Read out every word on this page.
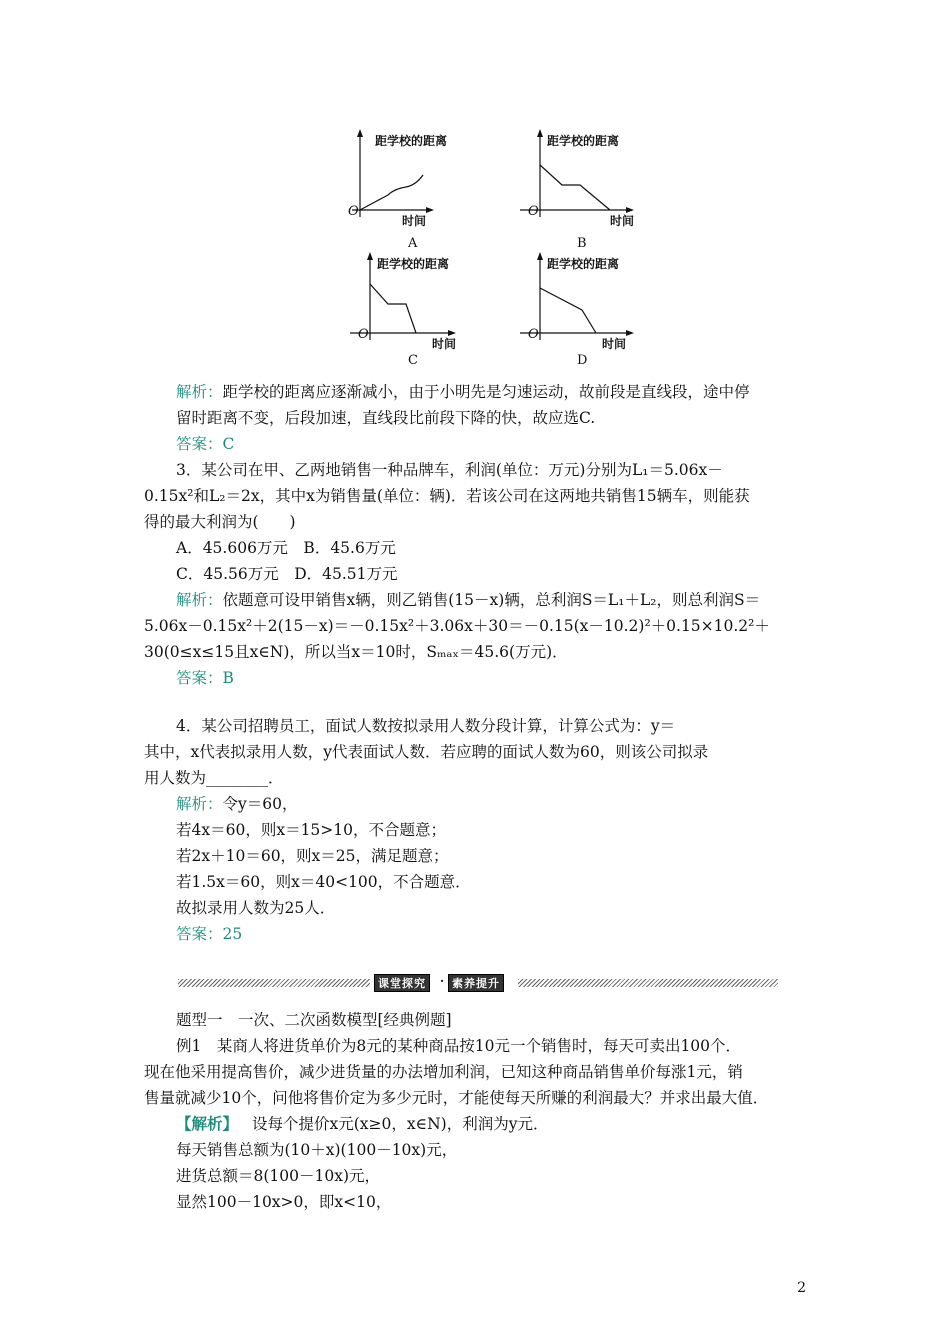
距学校的距离
时间
O
A
距学校的距离
时间
O
B
距学校的距离
时间
O
C
距学校的距离
时间
O
D
解析：距学校的距离应逐渐减小，由于小明先是匀速运动，故前段是直线段，途中停
留时距离不变，后段加速，直线段比前段下降的快，故应选C.
答案：C
3．某公司在甲、乙两地销售一种品牌车，利润(单位：万元)分别为L₁＝5.06x－
0.15x²和L₂＝2x，其中x为销售量(单位：辆)．若该公司在这两地共销售15辆车，则能获
得的最大利润为(　　)
A．45.606万元　B．45.6万元
C．45.56万元　D．45.51万元
解析：依题意可设甲销售x辆，则乙销售(15－x)辆，总利润S＝L₁＋L₂，则总利润S＝
5.06x－0.15x²＋2(15－x)＝－0.15x²＋3.06x＋30＝－0.15(x－10.2)²＋0.15×10.2²＋
30(0≤x≤15且x∈N)，所以当x＝10时，Sₘₐₓ＝45.6(万元)．
答案：B
4．某公司招聘员工，面试人数按拟录用人数分段计算，计算公式为：y＝
其中，x代表拟录用人数，y代表面试人数．若应聘的面试人数为60，则该公司拟录
用人数为________．
解析：令y＝60，
若4x＝60，则x＝15>10，不合题意；
若2x＋10＝60，则x＝25，满足题意；
若1.5x＝60，则x＝40<100，不合题意．
故拟录用人数为25人．
答案：25
课堂探究	· 素养提升
题型一　一次、二次函数模型[经典例题]
例1　某商人将进货单价为8元的某种商品按10元一个销售时，每天可卖出100个．
现在他采用提高售价，减少进货量的办法增加利润，已知这种商品销售单价每涨1元，销
售量就减少10个，问他将售价定为多少元时，才能使每天所赚的利润最大？并求出最大值．
【解析】 设每个提价x元(x≥0，x∈N)，利润为y元．
每天销售总额为(10＋x)(100－10x)元，
进货总额＝8(100－10x)元，
显然100－10x>0，即x<10，
2
